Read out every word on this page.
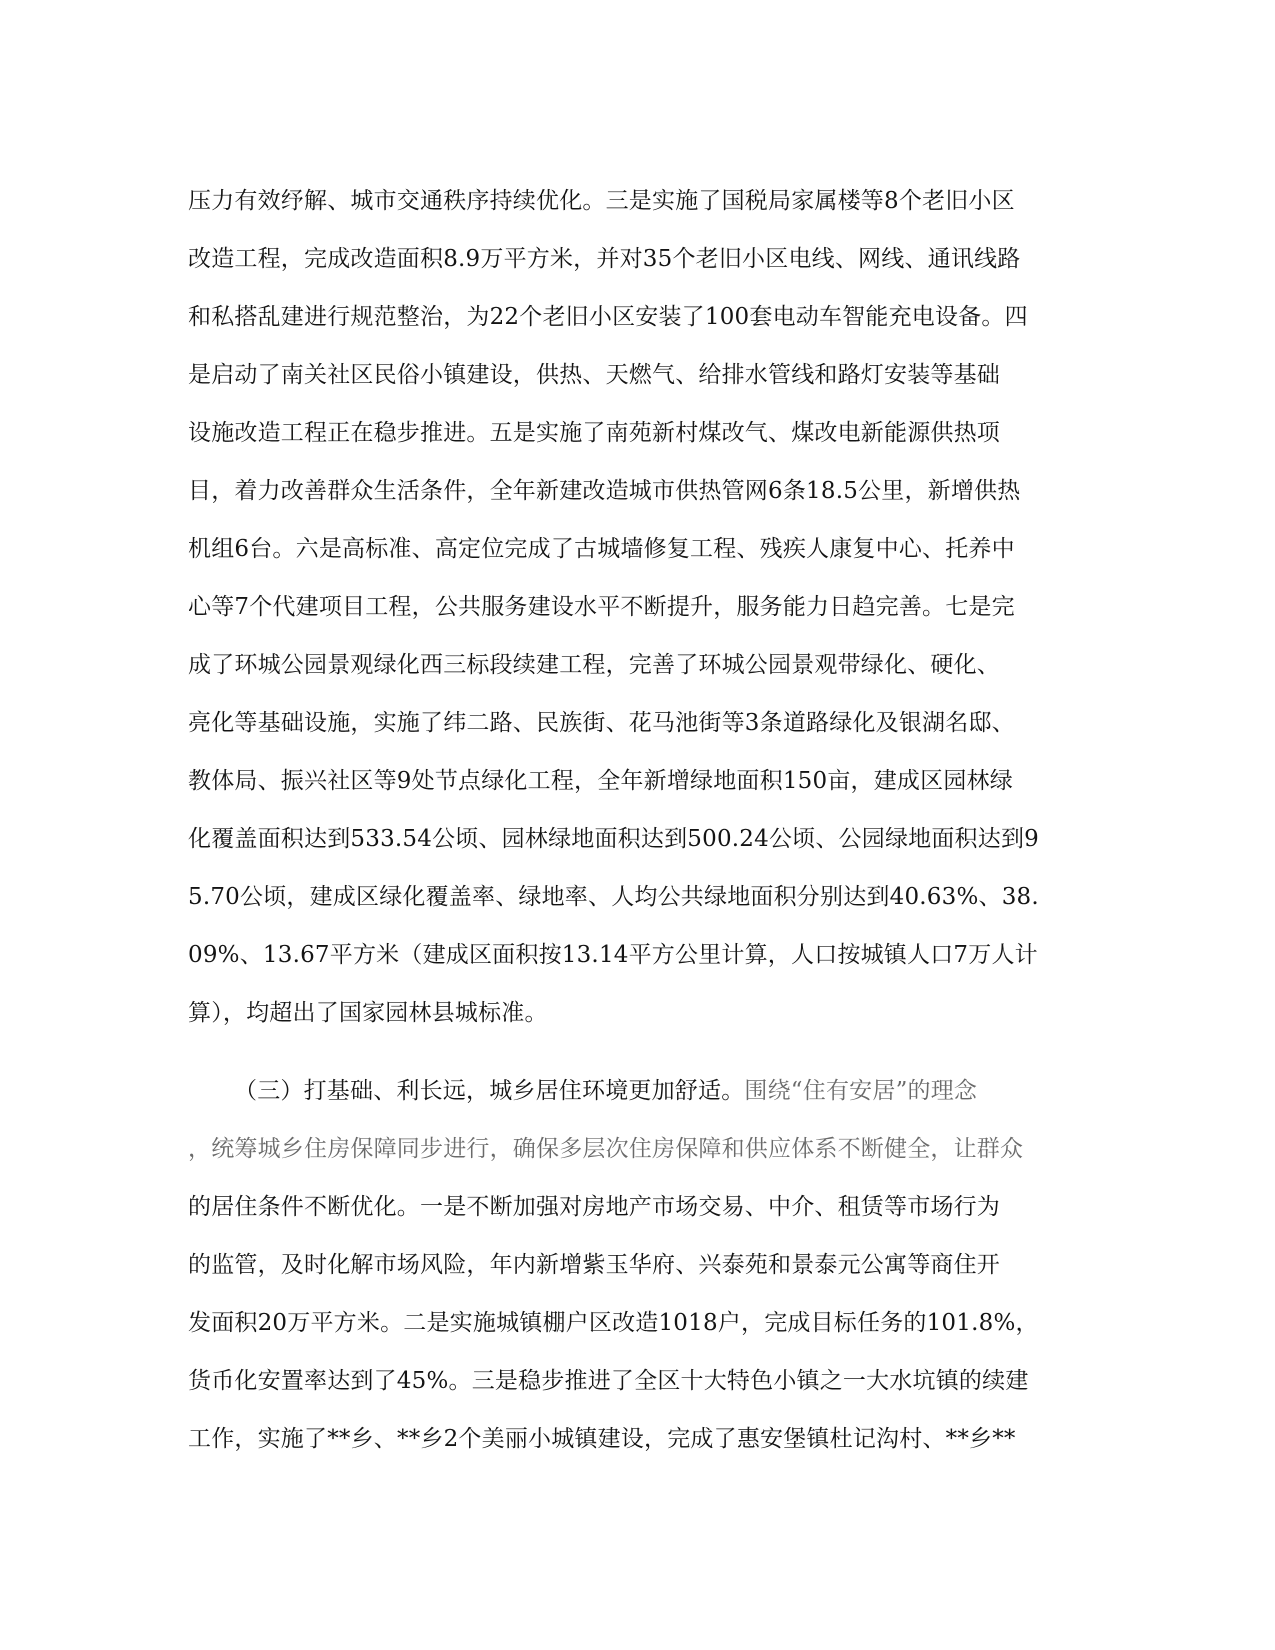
压力有效纾解、城市交通秩序持续优化。三是实施了国税局家属楼等8个老旧小区
改造工程，完成改造面积8.9万平方米，并对35个老旧小区电线、网线、通讯线路
和私搭乱建进行规范整治，为22个老旧小区安装了100套电动车智能充电设备。四
是启动了南关社区民俗小镇建设，供热、天燃气、给排水管线和路灯安装等基础
设施改造工程正在稳步推进。五是实施了南苑新村煤改气、煤改电新能源供热项
目，着力改善群众生活条件，全年新建改造城市供热管网6条18.5公里，新增供热
机组6台。六是高标准、高定位完成了古城墙修复工程、残疾人康复中心、托养中
心等7个代建项目工程，公共服务建设水平不断提升，服务能力日趋完善。七是完
成了环城公园景观绿化西三标段续建工程，完善了环城公园景观带绿化、硬化、
亮化等基础设施，实施了纬二路、民族街、花马池街等3条道路绿化及银湖名邸、
教体局、振兴社区等9处节点绿化工程，全年新增绿地面积150亩，建成区园林绿
化覆盖面积达到533.54公顷、园林绿地面积达到500.24公顷、公园绿地面积达到9
5.70公顷，建成区绿化覆盖率、绿地率、人均公共绿地面积分别达到40.63%、38.
09%、13.67平方米（建成区面积按13.14平方公里计算，人口按城镇人口7万人计
算），均超出了国家园林县城标准。
（三）打基础、利长远，城乡居住环境更加舒适。围绕“住有安居”的理念
，统筹城乡住房保障同步进行，确保多层次住房保障和供应体系不断健全，让群众
的居住条件不断优化。一是不断加强对房地产市场交易、中介、租赁等市场行为
的监管，及时化解市场风险，年内新增紫玉华府、兴泰苑和景泰元公寓等商住开
发面积20万平方米。二是实施城镇棚户区改造1018户，完成目标任务的101.8%，
货币化安置率达到了45%。三是稳步推进了全区十大特色小镇之一大水坑镇的续建
工作，实施了**乡、**乡2个美丽小城镇建设，完成了惠安堡镇杜记沟村、**乡**
